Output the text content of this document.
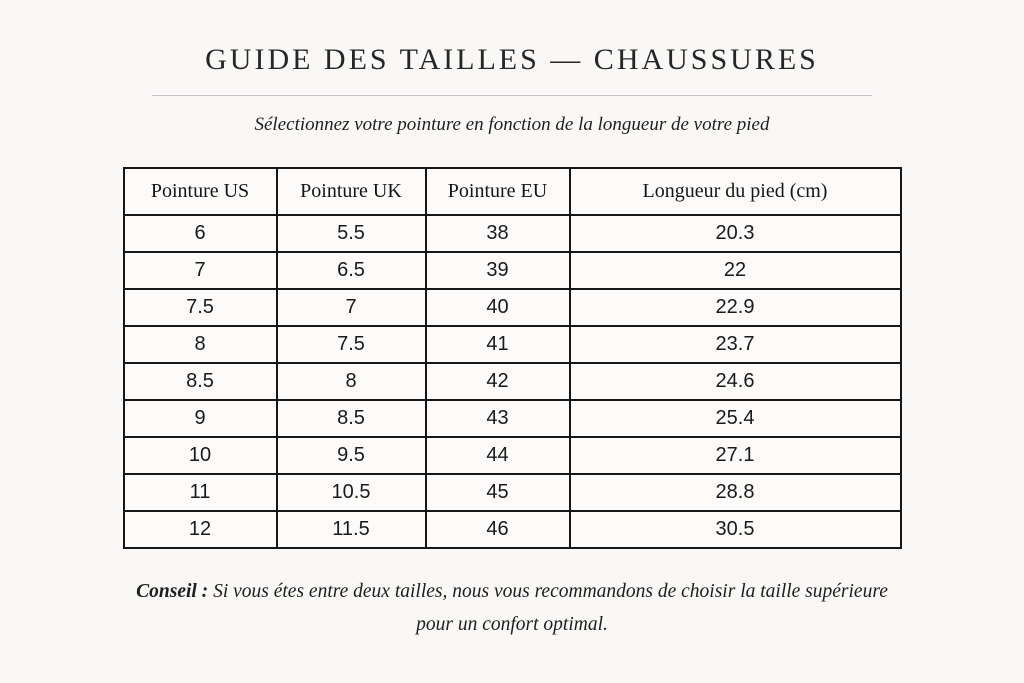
GUIDE DES TAILLES — CHAUSSURES

Sélectionnez votre pointure en fonction de la longueur de votre pied

Pointure US	Pointure UK	Pointure EU	Longueur du pied (cm)
6	5.5	38	20.3
7	6.5	39	22
7.5	7	40	22.9
8	7.5	41	23.7
8.5	8	42	24.6
9	8.5	43	25.4
10	9.5	44	27.1
11	10.5	45	28.8
12	11.5	46	30.5

Conseil : Si vous étes entre deux tailles, nous vous recommandons de choisir la taille supérieure pour un confort optimal.
